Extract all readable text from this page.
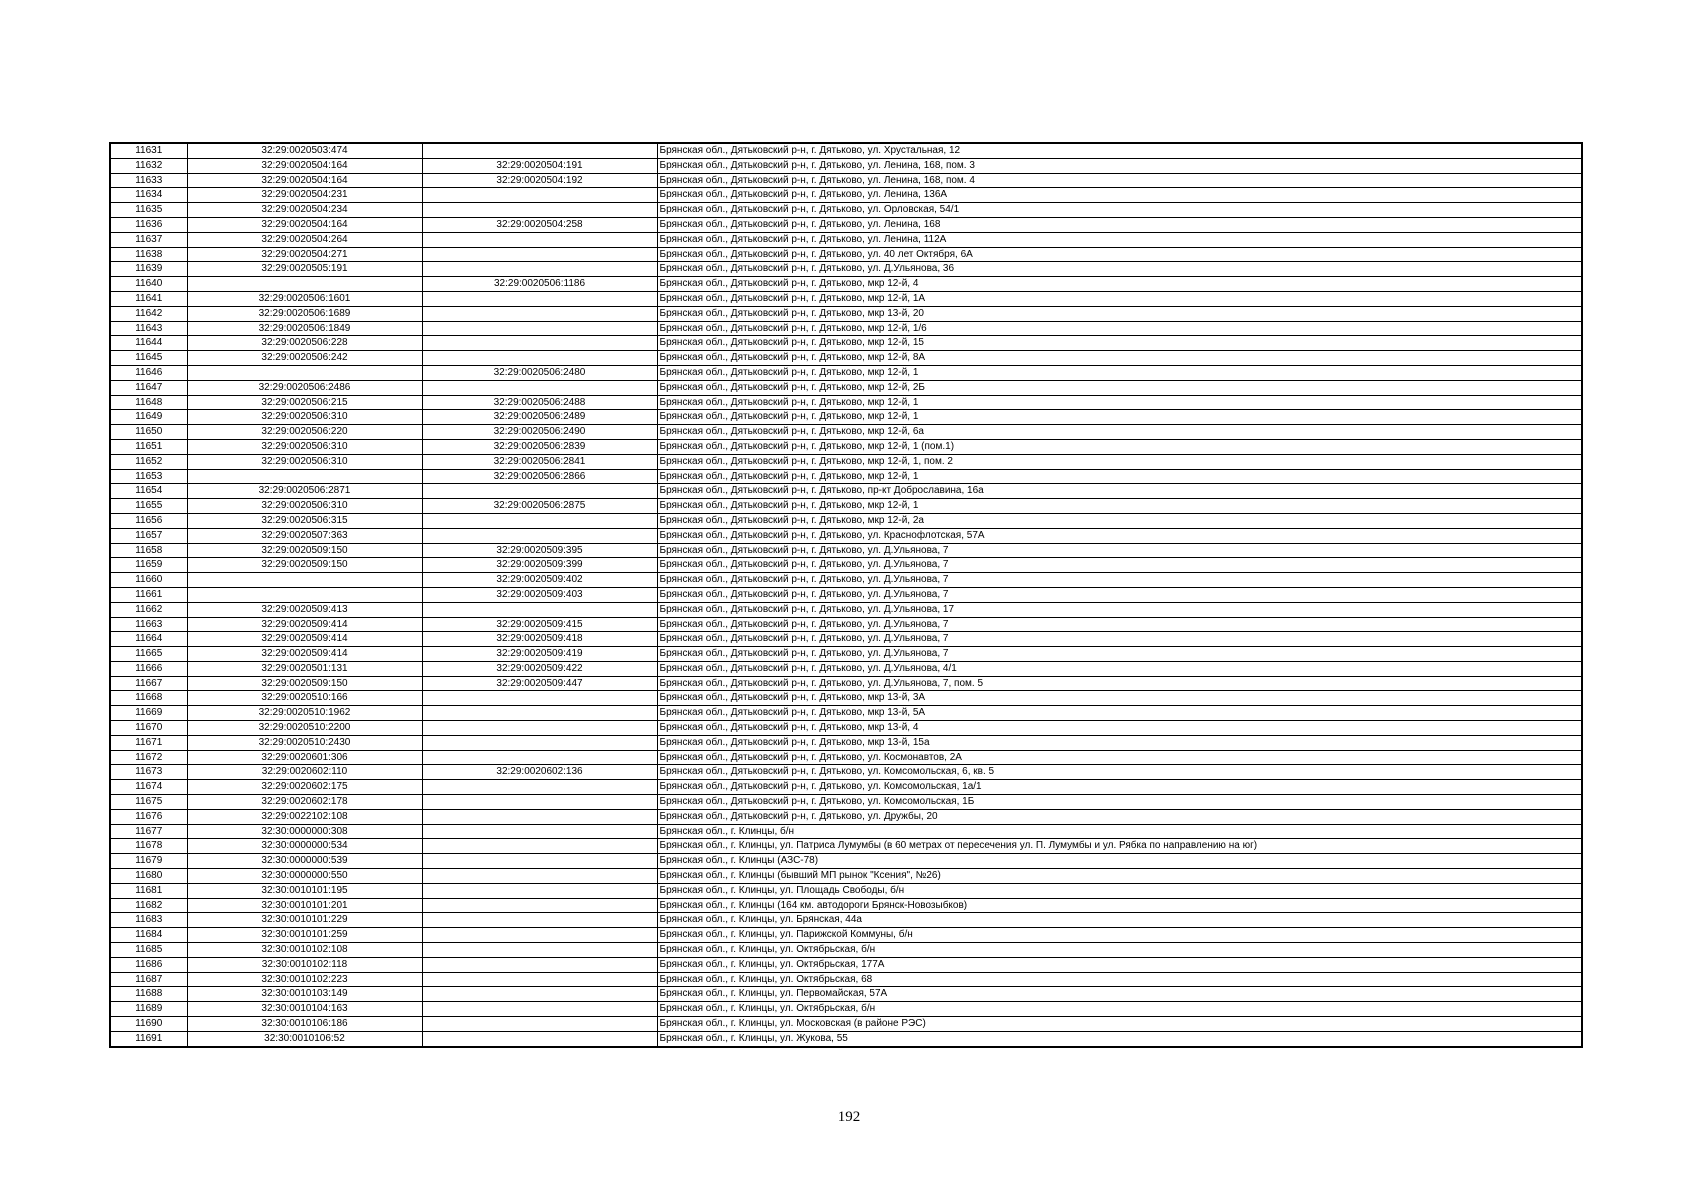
11631	32:29:0020503:474		Брянская обл., Дятьковский р-н, г. Дятьково, ул. Хрустальная, 12
11632	32:29:0020504:164	32:29:0020504:191	Брянская обл., Дятьковский р-н, г. Дятьково, ул. Ленина, 168, пом. 3
11633	32:29:0020504:164	32:29:0020504:192	Брянская обл., Дятьковский р-н, г. Дятьково, ул. Ленина, 168, пом. 4
11634	32:29:0020504:231		Брянская обл., Дятьковский р-н, г. Дятьково, ул. Ленина, 136А
11635	32:29:0020504:234		Брянская обл., Дятьковский р-н, г. Дятьково, ул. Орловская, 54/1
11636	32:29:0020504:164	32:29:0020504:258	Брянская обл., Дятьковский р-н, г. Дятьково, ул. Ленина, 168
11637	32:29:0020504:264		Брянская обл., Дятьковский р-н, г. Дятьково, ул. Ленина, 112А
11638	32:29:0020504:271		Брянская обл., Дятьковский р-н, г. Дятьково, ул. 40 лет Октября, 6А
11639	32:29:0020505:191		Брянская обл., Дятьковский р-н, г. Дятьково, ул. Д.Ульянова, 36
11640		32:29:0020506:1186	Брянская обл., Дятьковский р-н, г. Дятьково, мкр 12-й, 4
11641	32:29:0020506:1601		Брянская обл., Дятьковский р-н, г. Дятьково, мкр 12-й, 1А
11642	32:29:0020506:1689		Брянская обл., Дятьковский р-н, г. Дятьково, мкр 13-й, 20
11643	32:29:0020506:1849		Брянская обл., Дятьковский р-н, г. Дятьково, мкр 12-й, 1/6
11644	32:29:0020506:228		Брянская обл., Дятьковский р-н, г. Дятьково, мкр 12-й, 15
11645	32:29:0020506:242		Брянская обл., Дятьковский р-н, г. Дятьково, мкр 12-й, 8А
11646		32:29:0020506:2480	Брянская обл., Дятьковский р-н, г. Дятьково, мкр 12-й, 1
11647	32:29:0020506:2486		Брянская обл., Дятьковский р-н, г. Дятьково, мкр 12-й, 2Б
11648	32:29:0020506:215	32:29:0020506:2488	Брянская обл., Дятьковский р-н, г. Дятьково, мкр 12-й, 1
11649	32:29:0020506:310	32:29:0020506:2489	Брянская обл., Дятьковский р-н, г. Дятьково, мкр 12-й, 1
11650	32:29:0020506:220	32:29:0020506:2490	Брянская обл., Дятьковский р-н, г. Дятьково, мкр 12-й, 6а
11651	32:29:0020506:310	32:29:0020506:2839	Брянская обл., Дятьковский р-н, г. Дятьково, мкр 12-й, 1 (пом.1)
11652	32:29:0020506:310	32:29:0020506:2841	Брянская обл., Дятьковский р-н, г. Дятьково, мкр 12-й, 1, пом. 2
11653		32:29:0020506:2866	Брянская обл., Дятьковский р-н, г. Дятьково, мкр 12-й, 1
11654	32:29:0020506:2871		Брянская обл., Дятьковский р-н, г. Дятьково, пр-кт Доброславина, 16а
11655	32:29:0020506:310	32:29:0020506:2875	Брянская обл., Дятьковский р-н, г. Дятьково, мкр 12-й, 1
11656	32:29:0020506:315		Брянская обл., Дятьковский р-н, г. Дятьково, мкр 12-й, 2а
11657	32:29:0020507:363		Брянская обл., Дятьковский р-н, г. Дятьково, ул. Краснофлотская, 57А
11658	32:29:0020509:150	32:29:0020509:395	Брянская обл., Дятьковский р-н, г. Дятьково, ул. Д.Ульянова, 7
11659	32:29:0020509:150	32:29:0020509:399	Брянская обл., Дятьковский р-н, г. Дятьково, ул. Д.Ульянова, 7
11660		32:29:0020509:402	Брянская обл., Дятьковский р-н, г. Дятьково, ул. Д.Ульянова, 7
11661		32:29:0020509:403	Брянская обл., Дятьковский р-н, г. Дятьково, ул. Д.Ульянова, 7
11662	32:29:0020509:413		Брянская обл., Дятьковский р-н, г. Дятьково, ул. Д.Ульянова, 17
11663	32:29:0020509:414	32:29:0020509:415	Брянская обл., Дятьковский р-н, г. Дятьково, ул. Д.Ульянова, 7
11664	32:29:0020509:414	32:29:0020509:418	Брянская обл., Дятьковский р-н, г. Дятьково, ул. Д.Ульянова, 7
11665	32:29:0020509:414	32:29:0020509:419	Брянская обл., Дятьковский р-н, г. Дятьково, ул. Д.Ульянова, 7
11666	32:29:0020501:131	32:29:0020509:422	Брянская обл., Дятьковский р-н, г. Дятьково, ул. Д.Ульянова, 4/1
11667	32:29:0020509:150	32:29:0020509:447	Брянская обл., Дятьковский р-н, г. Дятьково, ул. Д.Ульянова, 7, пом. 5
11668	32:29:0020510:166		Брянская обл., Дятьковский р-н, г. Дятьково, мкр 13-й, 3А
11669	32:29:0020510:1962		Брянская обл., Дятьковский р-н, г. Дятьково, мкр 13-й, 5А
11670	32:29:0020510:2200		Брянская обл., Дятьковский р-н, г. Дятьково, мкр 13-й, 4
11671	32:29:0020510:2430		Брянская обл., Дятьковский р-н, г. Дятьково, мкр 13-й, 15а
11672	32:29:0020601:306		Брянская обл., Дятьковский р-н, г. Дятьково, ул. Космонавтов, 2А
11673	32:29:0020602:110	32:29:0020602:136	Брянская обл., Дятьковский р-н, г. Дятьково, ул. Комсомольская, 6, кв. 5
11674	32:29:0020602:175		Брянская обл., Дятьковский р-н, г. Дятьково, ул. Комсомольская, 1а/1
11675	32:29:0020602:178		Брянская обл., Дятьковский р-н, г. Дятьково, ул. Комсомольская, 1Б
11676	32:29:0022102:108		Брянская обл., Дятьковский р-н, г. Дятьково, ул. Дружбы, 20
11677	32:30:0000000:308		Брянская обл., г. Клинцы, б/н
11678	32:30:0000000:534		Брянская обл., г. Клинцы, ул. Патриса Лумумбы (в 60 метрах от пересечения ул. П. Лумумбы и ул. Рябка по направлению на юг)
11679	32:30:0000000:539		Брянская обл., г. Клинцы (АЗС-78)
11680	32:30:0000000:550		Брянская обл., г. Клинцы (бывший МП рынок "Ксения", №26)
11681	32:30:0010101:195		Брянская обл., г. Клинцы, ул. Площадь Свободы, б/н
11682	32:30:0010101:201		Брянская обл., г. Клинцы (164 км. автодороги Брянск-Новозыбков)
11683	32:30:0010101:229		Брянская обл., г. Клинцы, ул. Брянская, 44а
11684	32:30:0010101:259		Брянская обл., г. Клинцы, ул. Парижской Коммуны, б/н
11685	32:30:0010102:108		Брянская обл., г. Клинцы, ул. Октябрьская, б/н
11686	32:30:0010102:118		Брянская обл., г. Клинцы, ул. Октябрьская, 177А
11687	32:30:0010102:223		Брянская обл., г. Клинцы, ул. Октябрьская, 68
11688	32:30:0010103:149		Брянская обл., г. Клинцы, ул. Первомайская, 57А
11689	32:30:0010104:163		Брянская обл., г. Клинцы, ул. Октябрьская, б/н
11690	32:30:0010106:186		Брянская обл., г. Клинцы, ул. Московская (в районе РЭС)
11691	32:30:0010106:52		Брянская обл., г. Клинцы, ул. Жукова, 55
192
